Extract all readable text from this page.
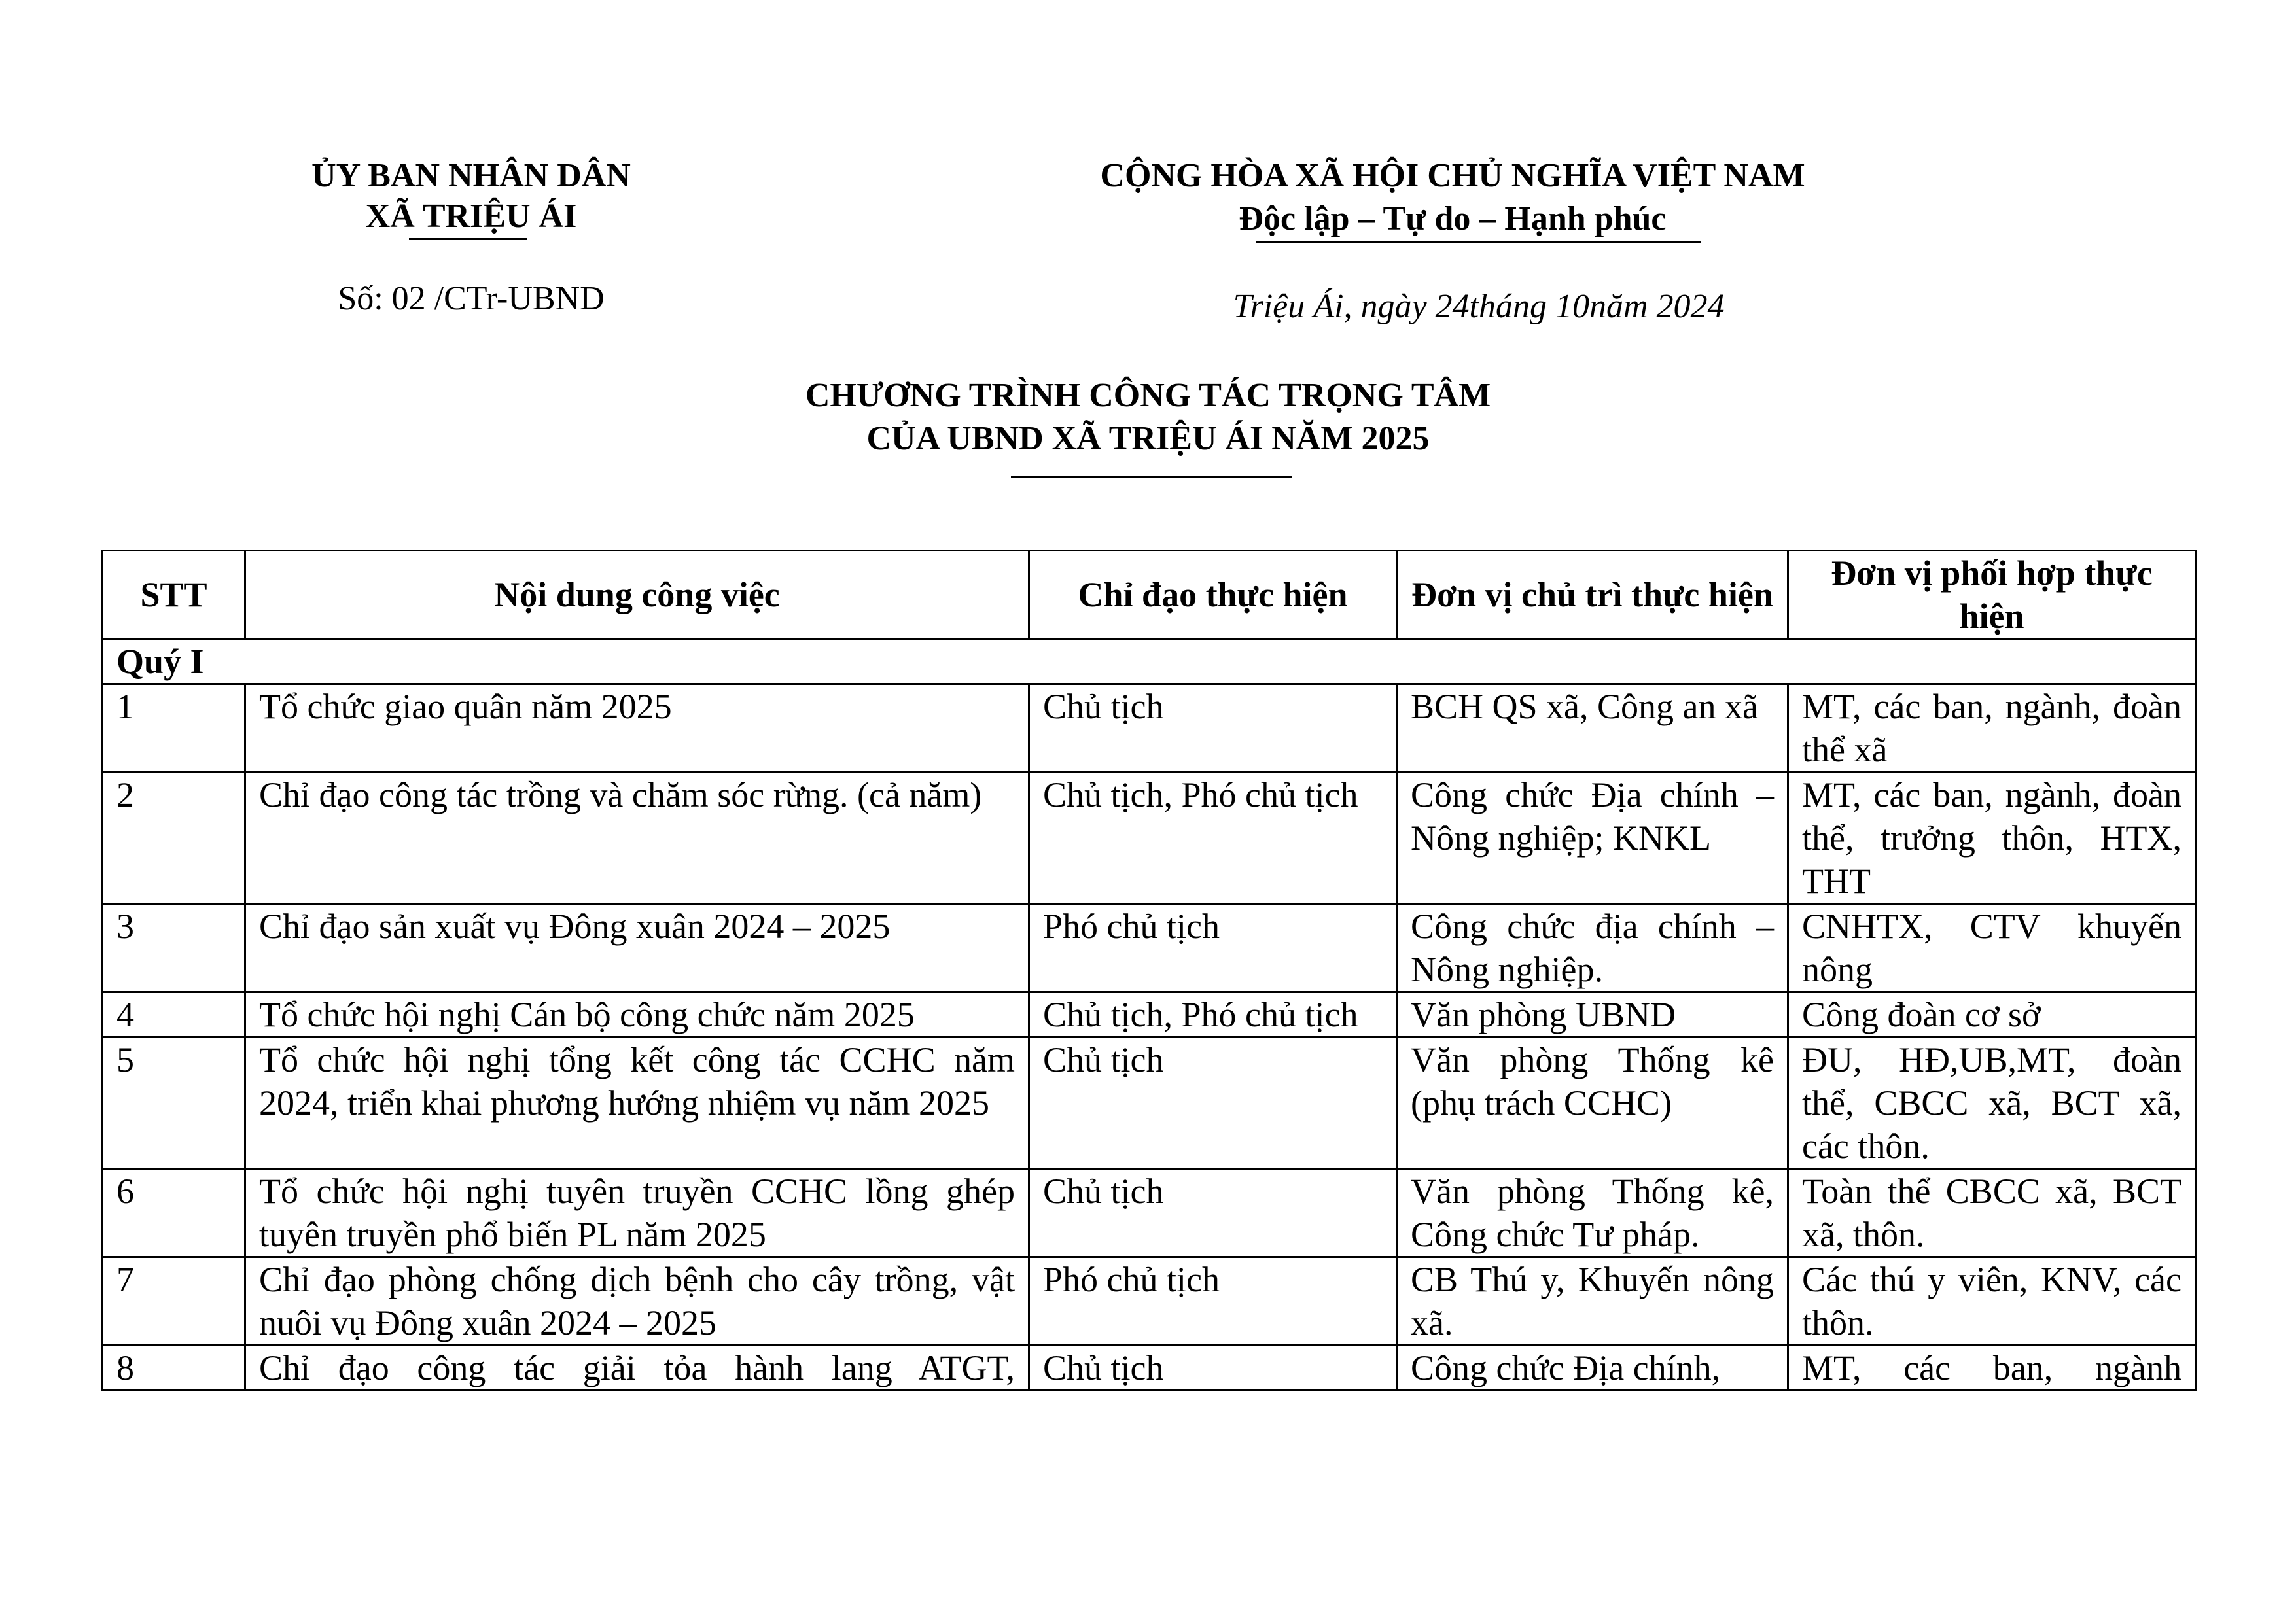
ỦY BAN NHÂN DÂN
XÃ TRIỆU ÁI
Số: 02 /CTr-UBND
CỘNG HÒA XÃ HỘI CHỦ NGHĨA VIỆT NAM
Độc lập – Tự do – Hạnh phúc
Triệu Ái, ngày 24tháng 10năm 2024
CHƯƠNG TRÌNH CÔNG TÁC TRỌNG TÂM
CỦA UBND XÃ TRIỆU ÁI NĂM 2025
STT	Nội dung công việc	Chỉ đạo thực hiện	Đơn vị chủ trì thực hiện	Đơn vị phối hợp thực hiện
Quý I				
1	Tổ chức giao quân năm 2025	Chủ tịch	BCH QS xã, Công an xã	MT, các ban, ngành, đoàn thể xã
2	Chỉ đạo công tác trồng và chăm sóc rừng. (cả năm)	Chủ tịch, Phó chủ tịch	Công chức Địa chính – Nông nghiệp; KNKL	MT, các ban, ngành, đoàn thể, trưởng thôn, HTX, THT
3	Chỉ đạo sản xuất vụ Đông xuân 2024 – 2025	Phó chủ tịch	Công chức địa chính – Nông nghiệp.	CNHTX, CTV khuyến nông
4	Tổ chức hội nghị Cán bộ công chức năm 2025	Chủ tịch, Phó chủ tịch	Văn phòng UBND	Công đoàn cơ sở
5	Tổ chức hội nghị tổng kết công tác CCHC năm 2024, triển khai phương hướng nhiệm vụ năm 2025	Chủ tịch	Văn phòng Thống kê (phụ trách CCHC)	ĐU, HĐ,UB,MT, đoàn thể, CBCC xã, BCT xã, các thôn.
6	Tổ chức hội nghị tuyên truyền CCHC lồng ghép tuyên truyền phổ biến PL năm 2025	Chủ tịch	Văn phòng Thống kê, Công chức Tư pháp.	Toàn thể CBCC xã, BCT xã, thôn.
7	Chỉ đạo phòng chống dịch bệnh cho cây trồng, vật nuôi vụ Đông xuân 2024 – 2025	Phó chủ tịch	CB Thú y, Khuyến nông xã.	Các thú y viên, KNV, các thôn.
8	Chỉ đạo công tác giải tỏa hành lang ATGT,	Chủ tịch	Công chức Địa chính,	MT, các ban, ngành
